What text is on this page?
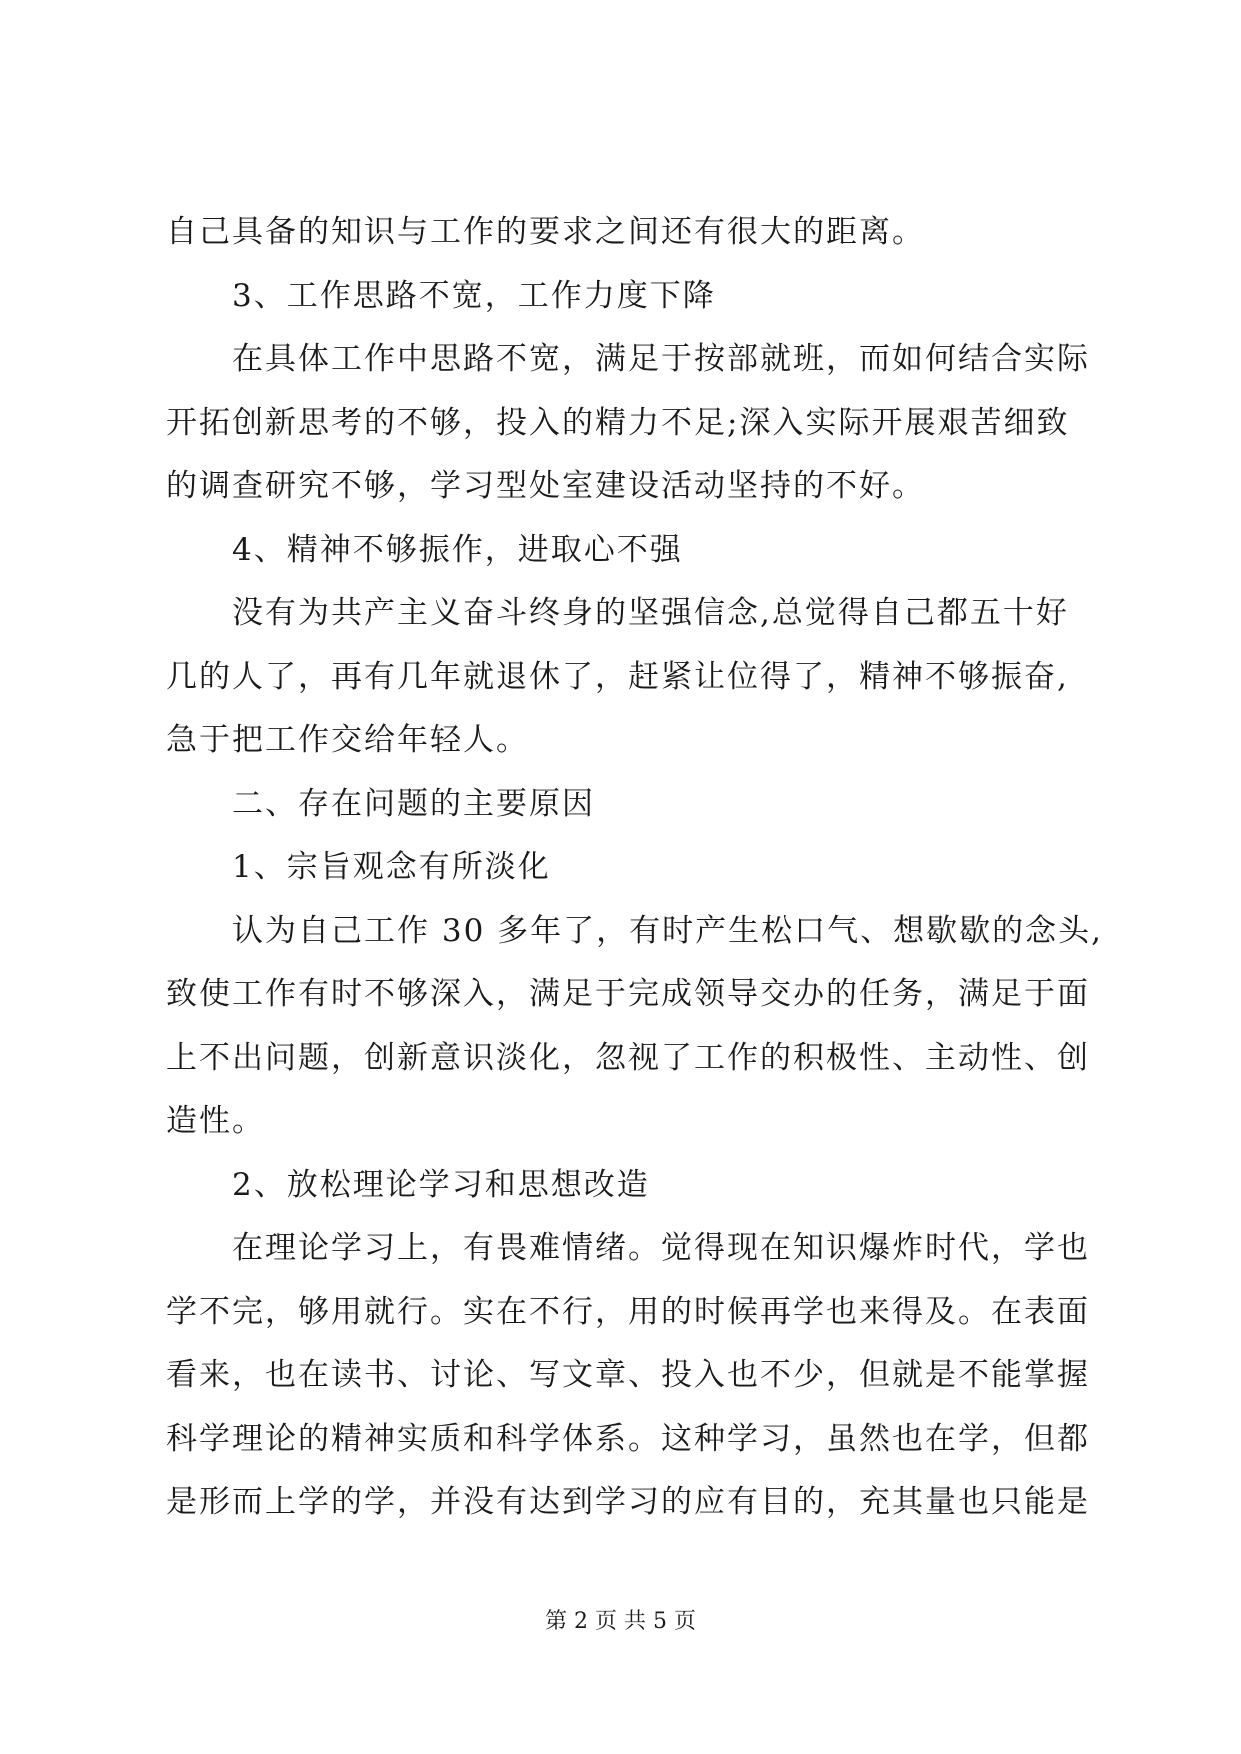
自己具备的知识与工作的要求之间还有很大的距离。
3、工作思路不宽，工作力度下降
在具体工作中思路不宽，满足于按部就班，而如何结合实际
开拓创新思考的不够，投入的精力不足;深入实际开展艰苦细致
的调查研究不够，学习型处室建设活动坚持的不好。
4、精神不够振作，进取心不强
没有为共产主义奋斗终身的坚强信念,总觉得自己都五十好
几的人了，再有几年就退休了，赶紧让位得了，精神不够振奋,
急于把工作交给年轻人。
二、存在问题的主要原因
1、宗旨观念有所淡化
认为自己工作 30 多年了，有时产生松口气、想歇歇的念头,
致使工作有时不够深入，满足于完成领导交办的任务，满足于面
上不出问题，创新意识淡化，忽视了工作的积极性、主动性、创
造性。
2、放松理论学习和思想改造
在理论学习上，有畏难情绪。觉得现在知识爆炸时代，学也
学不完，够用就行。实在不行，用的时候再学也来得及。在表面
看来，也在读书、讨论、写文章、投入也不少，但就是不能掌握
科学理论的精神实质和科学体系。这种学习，虽然也在学，但都
是形而上学的学，并没有达到学习的应有目的，充其量也只能是
第 2 页 共 5 页
